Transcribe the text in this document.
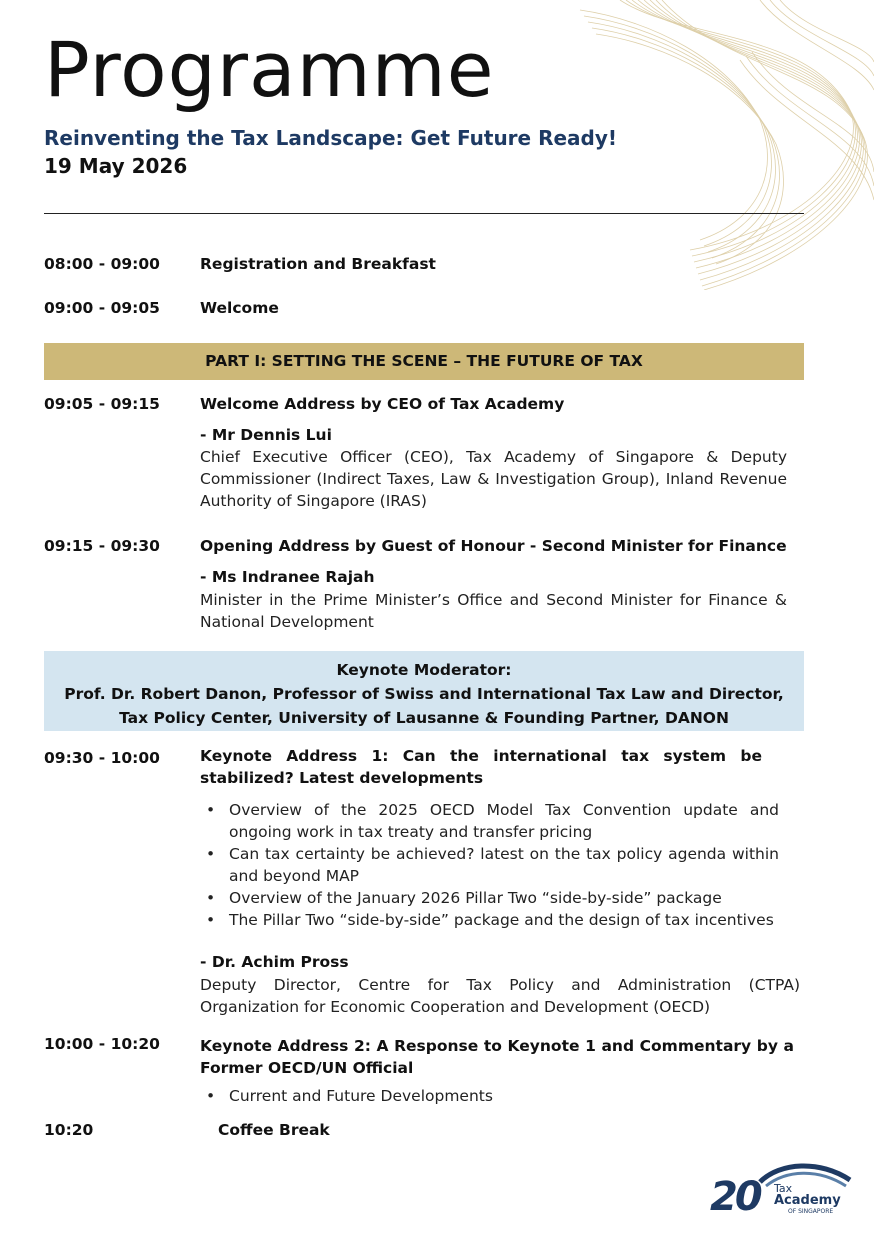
Programme
Reinventing the Tax Landscape: Get Future Ready!
19 May 2026
08:00 - 09:00	Registration and Breakfast
09:00 - 09:05	Welcome
PART I: SETTING THE SCENE – THE FUTURE OF TAX
09:05 - 09:15	Welcome Address by CEO of Tax Academy
- Mr Dennis Lui
Chief Executive Officer (CEO), Tax Academy of Singapore & Deputy Commissioner (Indirect Taxes, Law & Investigation Group), Inland Revenue Authority of Singapore (IRAS)
09:15 - 09:30	Opening Address by Guest of Honour - Second Minister for Finance
- Ms Indranee Rajah
Minister in the Prime Minister’s Office and Second Minister for Finance & National Development
Keynote Moderator:
Prof. Dr. Robert Danon, Professor of Swiss and International Tax Law and Director,
Tax Policy Center, University of Lausanne & Founding Partner, DANON
09:30 - 10:00	Keynote Address 1: Can the international tax system be stabilized? Latest developments
• Overview of the 2025 OECD Model Tax Convention update and ongoing work in tax treaty and transfer pricing
• Can tax certainty be achieved? latest on the tax policy agenda within and beyond MAP
• Overview of the January 2026 Pillar Two “side-by-side” package
• The Pillar Two “side-by-side” package and the design of tax incentives
- Dr. Achim Pross
Deputy Director, Centre for Tax Policy and Administration (CTPA) Organization for Economic Cooperation and Development (OECD)
10:00 - 10:20	Keynote Address 2: A Response to Keynote 1 and Commentary by a Former OECD/UN Official
• Current and Future Developments
10:20	Coffee Break
20 Tax
Academy
OF SINGAPORE
